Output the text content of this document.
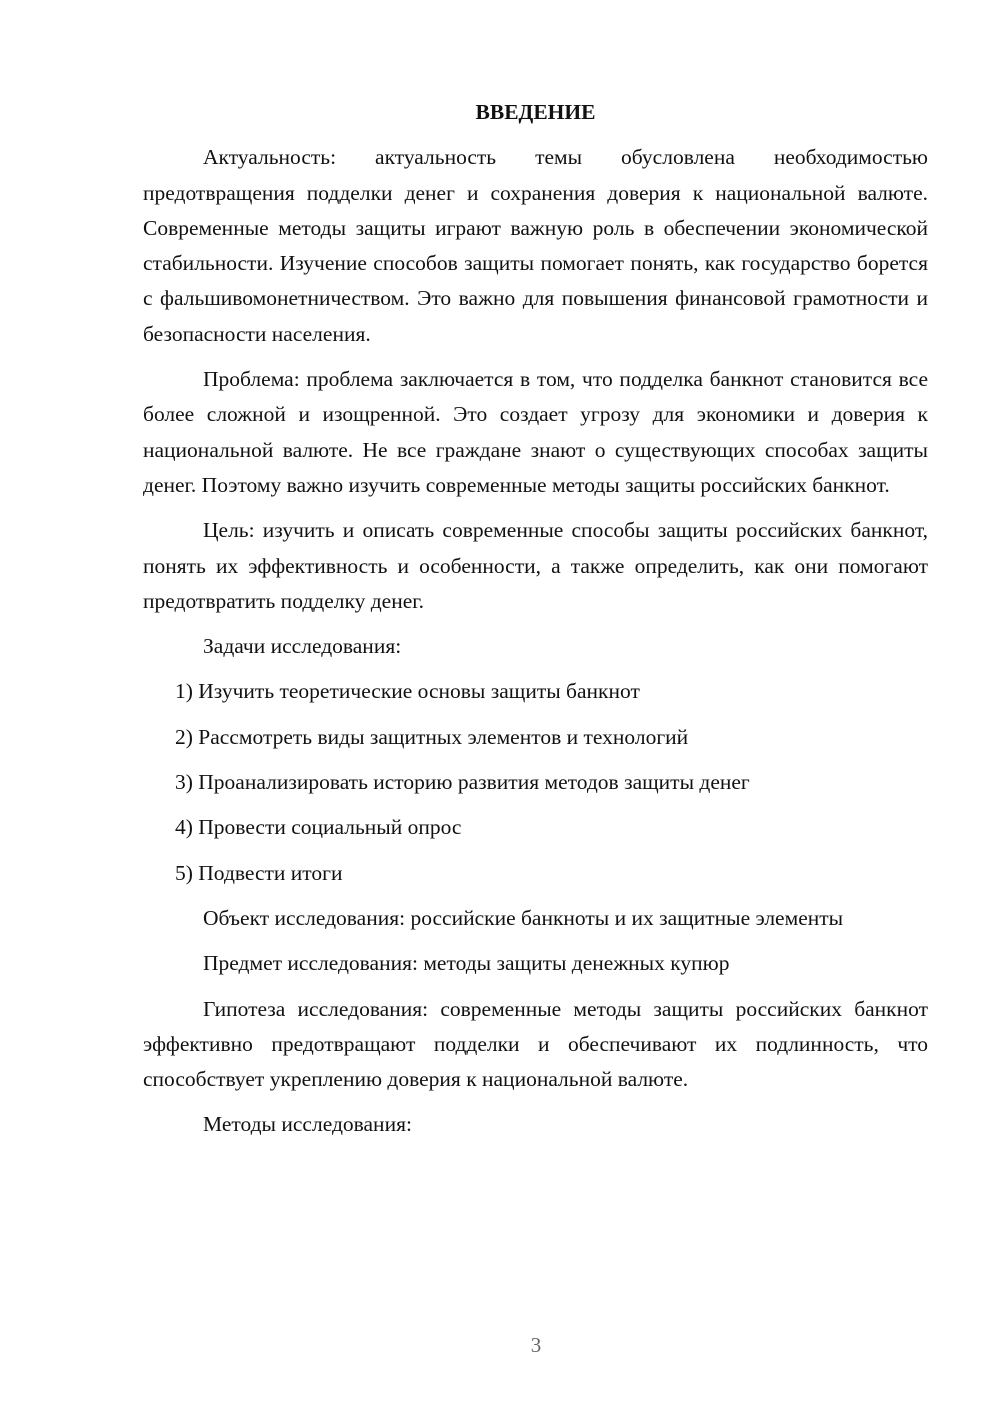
ВВЕДЕНИЕ

Актуальность: актуальность темы обусловлена необходимостью предотвращения подделки денег и сохранения доверия к национальной валюте. Современные методы защиты играют важную роль в обеспечении экономической стабильности. Изучение способов защиты помогает понять, как государство борется с фальшивомонетничеством. Это важно для повышения финансовой грамотности и безопасности населения.

Проблема: проблема заключается в том, что подделка банкнот становится все более сложной и изощренной. Это создает угрозу для экономики и доверия к национальной валюте. Не все граждане знают о существующих способах защиты денег. Поэтому важно изучить современные методы защиты российских банкнот.

Цель: изучить и описать современные способы защиты российских банкнот, понять их эффективность и особенности, а также определить, как они помогают предотвратить подделку денег.

Задачи исследования:

1) Изучить теоретические основы защиты банкнот

2) Рассмотреть виды защитных элементов и технологий

3) Проанализировать историю развития методов защиты денег

4) Провести социальный опрос

5) Подвести итоги

Объект исследования: российские банкноты и их защитные элементы

Предмет исследования: методы защиты денежных купюр

Гипотеза исследования: современные методы защиты российских банкнот эффективно предотвращают подделки и обеспечивают их подлинность, что способствует укреплению доверия к национальной валюте.

Методы исследования:

3
